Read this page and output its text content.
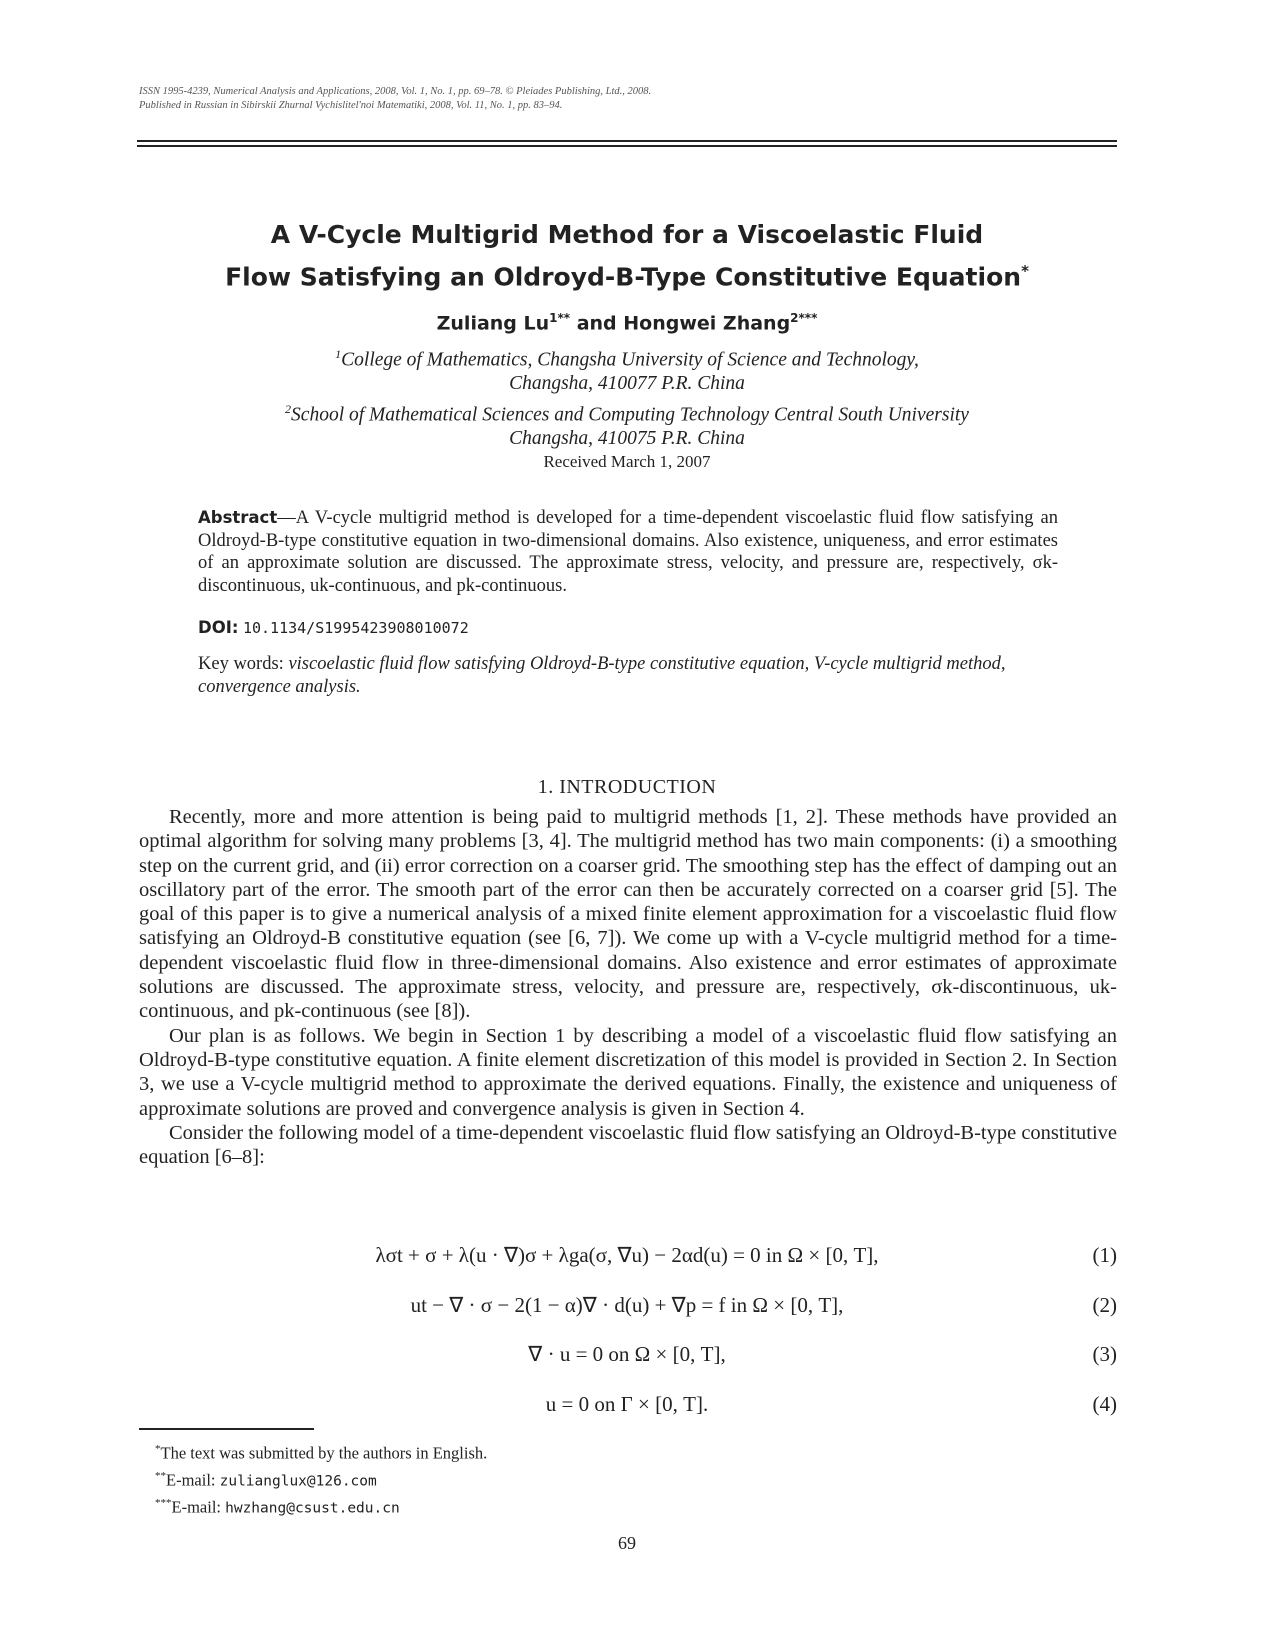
ISSN 1995-4239, Numerical Analysis and Applications, 2008, Vol. 1, No. 1, pp. 69–78. © Pleiades Publishing, Ltd., 2008.
Published in Russian in Sibirskii Zhurnal Vychislitel'noi Matematiki, 2008, Vol. 11, No. 1, pp. 83–94.
A V-Cycle Multigrid Method for a Viscoelastic Fluid
Flow Satisfying an Oldroyd-B-Type Constitutive Equation*
Zuliang $Lu^{1**}$ and Hongwei Zhang$^{2***}$
$^1$College of Mathematics, Changsha University of Science and Technology,
Changsha, 410077 P.R. China
$^2$School of Mathematical Sciences and Computing Technology Central South University
Changsha, 410075 P.R. China
Received March 1, 2007
Abstract—A V-cycle multigrid method is developed for a time-dependent viscoelastic fluid flow satisfying an Oldroyd-B-type constitutive equation in two-dimensional domains. Also existence, uniqueness, and error estimates of an approximate solution are discussed. The approximate stress, velocity, and pressure are, respectively, σk-discontinuous, uk-continuous, and pk-continuous.
DOI: 10.1134/S1995423908010072
Key words: viscoelastic fluid flow satisfying Oldroyd-B-type constitutive equation, V-cycle multigrid method, convergence analysis.
1. INTRODUCTION

Recently, more and more attention is being paid to multigrid methods [1, 2]. These methods have provided an optimal algorithm for solving many problems [3, 4]. The multigrid method has two main components: (i) a smoothing step on the current grid, and (ii) error correction on a coarser grid. The smoothing step has the effect of damping out an oscillatory part of the error. The smooth part of the error can then be accurately corrected on a coarser grid [5]. The goal of this paper is to give a numerical analysis of a mixed finite element approximation for a viscoelastic fluid flow satisfying an Oldroyd-B constitutive equation (see [6, 7]). We come up with a V-cycle multigrid method for a time-dependent viscoelastic fluid flow in three-dimensional domains. Also existence and error estimates of approximate solutions are discussed. The approximate stress, velocity, and pressure are, respectively, σk-discontinuous, uk-continuous, and pk-continuous (see [8]).

Our plan is as follows. We begin in Section 1 by describing a model of a viscoelastic fluid flow satisfying an Oldroyd-B-type constitutive equation. A finite element discretization of this model is provided in Section 2. In Section 3, we use a V-cycle multigrid method to approximate the derived equations. Finally, the existence and uniqueness of approximate solutions are proved and convergence analysis is given in Section 4.

Consider the following model of a time-dependent viscoelastic fluid flow satisfying an Oldroyd-B-type constitutive equation [6–8]:

λσt + σ + λ(u · ∇)σ + λga(σ, ∇u) − 2αd(u) = 0 in Ω × [0, T],	(1)
ut − ∇ · σ − 2(1 − α)∇ · d(u) + ∇p = f in Ω × [0, T],	(2)
∇ · u = 0 on Ω × [0, T],	(3)
u = 0 on Γ × [0, T].	(4)
*The text was submitted by the authors in English.
**E-mail: zulianglux@126.com
***E-mail: hwzhang@csust.edu.cn
69
